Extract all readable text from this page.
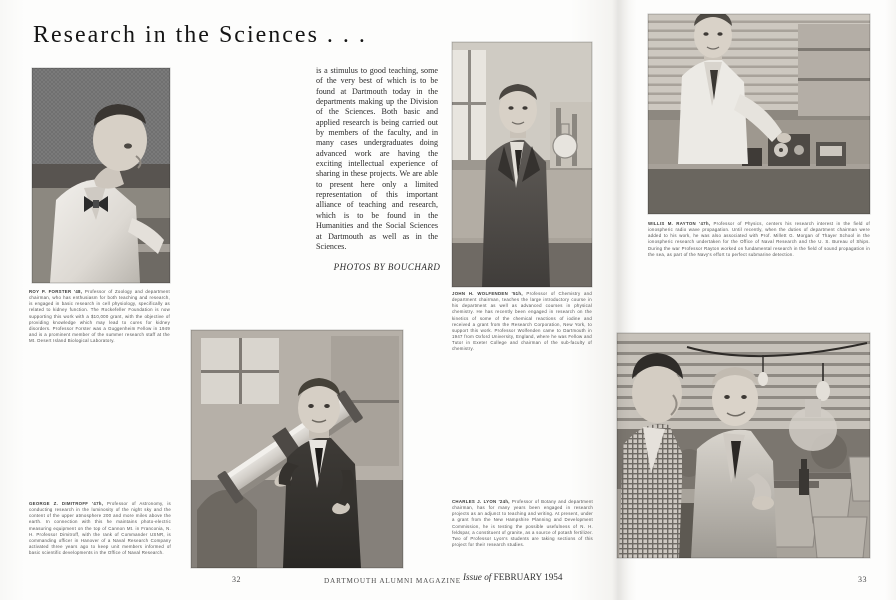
Research in the Sciences . . .
ROY P. FORSTER '48, Professor of Zoology and department chairman, who has enthusiasm for both teaching and research, is engaged in basic research in cell physiology, specifically as related to kidney function. The Rockefeller Foundation is now supporting this work with a $10,000 grant, with the objective of providing knowledge which may lead to cures for kidney disorders. Professor Forster was a Guggenheim Fellow in 1949 and is a prominent member of the summer research staff at the Mt. Desert Island Biological Laboratory.
is a stimulus to good teaching, some of the very best of which is to be found at Dartmouth today in the departments making up the Division of the Sciences. Both basic and applied research is being carried out by members of the faculty, and in many cases undergraduates doing advanced work are having the exciting intellectual experience of sharing in these projects. We are able to present here only a limited representation of this important alliance of teaching and research, which is to be found in the Humanities and the Social Sciences at Dartmouth as well as in the Sciences.
PHOTOS BY BOUCHARD
JOHN H. WOLFENDEN '51h, Professor of Chemistry and department chairman, teaches the large introductory course in his department as well as advanced courses in physical chemistry. He has recently been engaged in research on the kinetics of some of the chemical reactions of iodine and received a grant from the Research Corporation, New York, to support this work. Professor Wolfenden came to Dartmouth in 1947 from Oxford University, England, where he was Fellow and Tutor in Exeter College and chairman of the sub-faculty of chemistry.
WILLIS M. RAYTON '47h, Professor of Physics, centers his research interest in the field of ionospheric radio wave propagation. Until recently, when the duties of department chairman were added to his work, he was also associated with Prof. Millett G. Morgan of Thayer School in the ionospheric research undertaken for the Office of Naval Research and the U. S. Bureau of Ships. During the war Professor Rayton worked on fundamental research in the field of sound propagation in the sea, as part of the Navy's effort to perfect submarine detection.
GEORGE Z. DIMITROFF '47h, Professor of Astronomy, is conducting research in the luminosity of the night sky and the content of the upper atmosphere 200 and more miles above the earth. In connection with this he maintains photo-electric measuring equipment on the top of Cannon Mt. in Franconia, N. H. Professor Dimitroff, with the rank of Commander USNR, is commanding officer in Hanover of a Naval Research Company activated three years ago to keep unit members informed of basic scientific developments in the Office of Naval Research.
CHARLES J. LYON '24h, Professor of Botany and department chairman, has for many years been engaged in research projects as an adjunct to teaching and writing. At present, under a grant from the New Hampshire Planning and Development Commission, he is testing the possible usefulness of N. H. feldspar, a constituent of granite, as a source of potash fertilizer. Two of Professor Lyon's students are taking sections of this project for their research studies.
32	DARTMOUTH ALUMNI MAGAZINE Issue of FEBRUARY 1954	33
